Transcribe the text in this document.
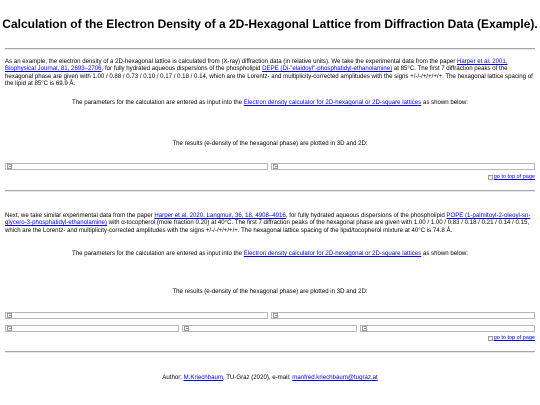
Calculation of the Electron Density of a 2D-Hexagonal Lattice from Diffraction Data (Example).

As an example, the electron density of a 2D-hexagonal lattice is calculated from (X-ray) diffraction data (in relative units). We take the experimental data from the paper Harper et al. 2001, Biophysical Journal, 81, 2693–2706, for fully hydrated aqueous dispersions of the phospholipid DEPE (Di-"elaidoyl"-phosphatidyl-ethanolamine) at 85°C. The first 7 diffraction peaks of the hexagonal phase are given with 1.00 / 0.88 / 0.73 / 0.10 / 0.17 / 0.18 / 0.14, which are the Lorentz- and multiplicity-corrected amplitudes with the signs +/-/-/+/+/+/+. The hexagonal lattice spacing of the lipid at 85°C is 69.9 Å.

The parameters for the calculation are entered as input into the Electron density calculator for 2D-hexagonal or 2D-square lattices as shown below:

The results (e-density of the hexagonal phase) are plotted in 3D and 2D:

go to top of page

Next, we take similar experimental data from the paper Harper et al. 2020, Langmuir, 36, 18, 4908–4916, for fully hydrated aqueous dispersions of the phospholipid POPE (1-palmitoyl-2-oleoyl-sn-glycero-3-phosphatidyl-ethanolamine) with α-tocopherol (mole fraction 0.20) at 40°C. The first 7 diffraction peaks of the hexagonal phase are given with 1.00 / 1.00 / 0.83 / 0.18 / 0.21 / 0.14 / 0.15, which are the Lorentz- and multiplicity-corrected amplitudes with the signs +/-/-/+/+/+/+. The hexagonal lattice spacing of the lipid/tocopherol mixture at 40°C is 74.8 Å.

The parameters for the calculation are entered as input into the Electron density calculator for 2D-hexagonal or 2D-square lattices as shown below:

The results (e-density of the hexagonal phase) are plotted in 3D and 2D:

go to top of page
Author: M.Kriechbaum, TU-Graz (2020), e-mail: manfred.kriechbaum@tugraz.at
